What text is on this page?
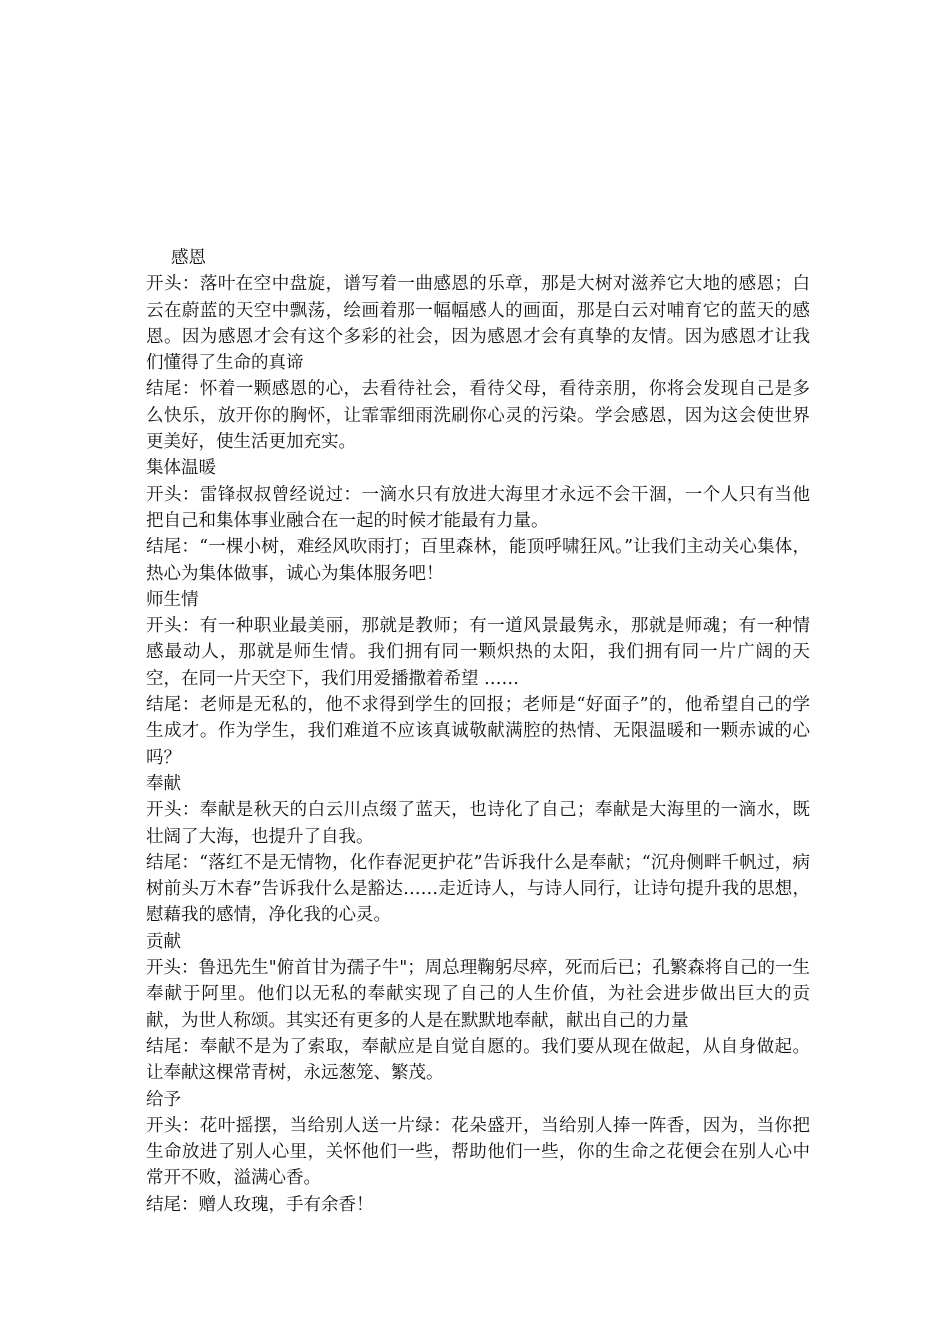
感恩

开头：落叶在空中盘旋，谱写着一曲感恩的乐章，那是大树对滋养它大地的感恩；白云在蔚蓝的天空中飘荡，绘画着那一幅幅感人的画面，那是白云对哺育它的蓝天的感恩。因为感恩才会有这个多彩的社会，因为感恩才会有真挚的友情。因为感恩才让我们懂得了生命的真谛

结尾：怀着一颗感恩的心，去看待社会，看待父母，看待亲朋，你将会发现自己是多么快乐，放开你的胸怀，让霏霏细雨洗刷你心灵的污染。学会感恩，因为这会使世界更美好，使生活更加充实。

集体温暖

开头：雷锋叔叔曾经说过：一滴水只有放进大海里才永远不会干涸，一个人只有当他把自己和集体事业融合在一起的时候才能最有力量。

结尾：“一棵小树，难经风吹雨打；百里森林，能顶呼啸狂风。”让我们主动关心集体，热心为集体做事，诚心为集体服务吧！

师生情

开头：有一种职业最美丽，那就是教师；有一道风景最隽永，那就是师魂；有一种情感最动人，那就是师生情。我们拥有同一颗炽热的太阳，我们拥有同一片广阔的天空，在同一片天空下，我们用爱播撒着希望 ……

结尾：老师是无私的，他不求得到学生的回报；老师是“好面子”的，他希望自己的学生成才。作为学生，我们难道不应该真诚敬献满腔的热情、无限温暖和一颗赤诚的心吗？

奉献

开头：奉献是秋天的白云川点缀了蓝天，也诗化了自己；奉献是大海里的一滴水，既壮阔了大海，也提升了自我。

结尾：“落红不是无情物，化作春泥更护花”告诉我什么是奉献；“沉舟侧畔千帆过，病树前头万木春”告诉我什么是豁达……走近诗人，与诗人同行，让诗句提升我的思想，慰藉我的感情，净化我的心灵。

贡献

开头：鲁迅先生"俯首甘为孺子牛"；周总理鞠躬尽瘁，死而后已；孔繁森将自己的一生奉献于阿里。他们以无私的奉献实现了自己的人生价值，为社会进步做出巨大的贡献，为世人称颂。其实还有更多的人是在默默地奉献，献出自己的力量

结尾：奉献不是为了索取，奉献应是自觉自愿的。我们要从现在做起，从自身做起。让奉献这棵常青树，永远葱笼、繁茂。

给予

开头：花叶摇摆，当给别人送一片绿：花朵盛开，当给别人捧一阵香，因为，当你把生命放进了别人心里，关怀他们一些，帮助他们一些，你的生命之花便会在别人心中常开不败，溢满心香。

结尾：赠人玫瑰，手有余香！
